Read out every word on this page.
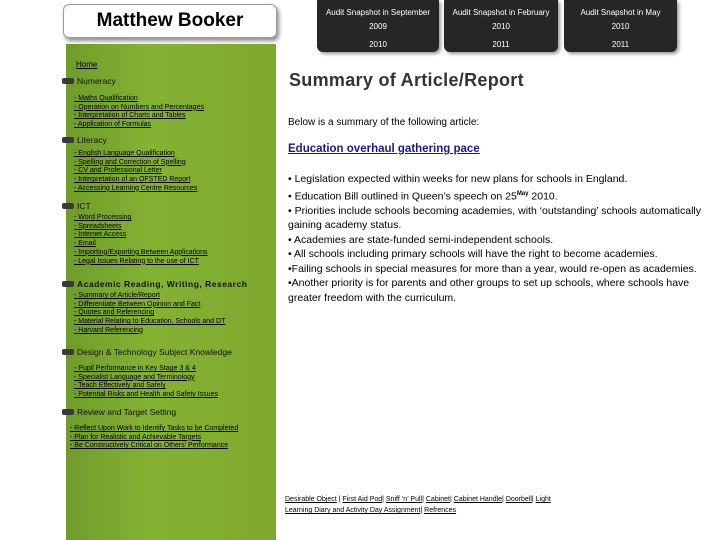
Matthew Booker	Audit Snapshot in September
2009
2010
Audit Snapshot in February
2010
2011
Audit Snapshot in May
2010
2011
Home
Numeracy
- Maths Qualification
- Operation on Numbers and Percentages
- Interpretation of Charts and Tables
- Application of Formulas
Literacy
- English Language Qualification
- Spelling and Correction of Spelling
- CV and Professional Letter
- Interpretation of an OFSTED Report
- Accessing Learning Centre Resources
ICT
- Word Processing
- Spreadsheets
- Internet Access
- Email
- Importing/Exporting Between Applications
- Legal Issues Relating to the use of ICT
Academic Reading, Writing, Research
- Summary of Article/Report
- Differentiate Between Opinion and Fact
- Quotes and Referencing
- Material Relating to Education, Schools and DT
- Harvard Referencing
Design & Technology Subject Knowledge
- Pupil Performance in Key Stage 3 & 4
- Specialist Language and Terminology
- Teach Effectively and Safely
- Potential Risks and Health and Safety Issues
Review and Target Setting
- Reflect Upon Work to Identify Tasks to be Completed
- Plan for Realistic and Achievable Targets
- Be Constructively Critical on Others' Performance
Summary of Article/Report
Below is a summary of the following article:
Education overhaul gathering pace
• Legislation expected within weeks for new plans for schools in England.
• Education Bill outlined in Queen’s speech on $25^{May}$ 2010.
• Priorities include schools becoming academies, with ‘outstanding’ schools automatically gaining academy status.
• Academies are state-funded semi-independent schools.
• All schools including primary schools will have the right to become academies.
•Failing schools in special measures for more than a year, would re-open as academies.
•Another priority is for parents and other groups to set up schools, where schools have greater freedom with the curriculum.
Desirable Object | First Aid Pod| Sniff ‘n’ Pull| Cabinet| Cabinet Handle| Doorbell| Light
Learning Diary and Activity Day Assignment| Refrences
